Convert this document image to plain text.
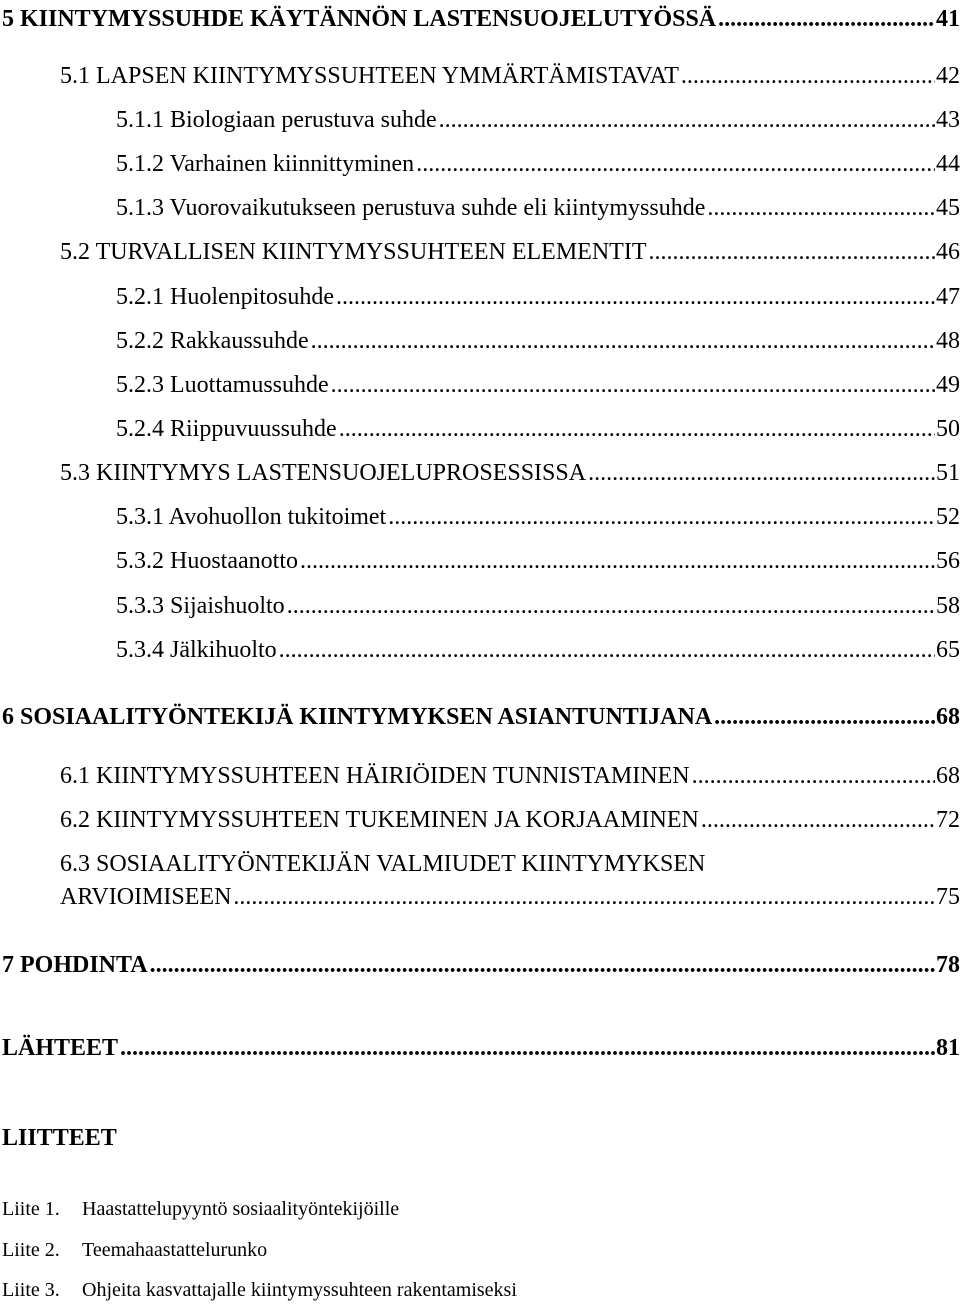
5 KIINTYMYSSUHDE KÄYTÄNNÖN LASTENSUOJELUTYÖSSÄ .....	41
5.1 LAPSEN KIINTYMYSSUHTEEN YMMÄRTÄMISTAVAT .....	42
5.1.1 Biologiaan perustuva suhde .....	43
5.1.2 Varhainen kiinnittyminen .....	44
5.1.3 Vuorovaikutukseen perustuva suhde eli kiintymyssuhde .....	45
5.2 TURVALLISEN KIINTYMYSSUHTEEN ELEMENTIT .....	46
5.2.1 Huolenpitosuhde .....	47
5.2.2 Rakkaussuhde .....	48
5.2.3 Luottamussuhde .....	49
5.2.4 Riippuvuussuhde .....	50
5.3 KIINTYMYS LASTENSUOJELUPROSESSISSA .....	51
5.3.1 Avohuollon tukitoimet .....	52
5.3.2 Huostaanotto .....	56
5.3.3 Sijaishuolto .....	58
5.3.4 Jälkihuolto .....	65
6 SOSIAALITYÖNTEKIJÄ KIINTYMYKSEN ASIANTUNTIJANA .....	68
6.1 KIINTYMYSSUHTEEN HÄIRIÖIDEN TUNNISTAMINEN .....	68
6.2 KIINTYMYSSUHTEEN TUKEMINEN JA KORJAAMINEN .....	72
6.3 SOSIAALITYÖNTEKIJÄN VALMIUDET KIINTYMYKSEN
ARVIOIMISEEN .....	75
7 POHDINTA .....	78
LÄHTEET .....	81
LIITTEET
Liite 1. Haastattelupyyntö sosiaalityöntekijöille
Liite 2. Teemahaastattelurunko
Liite 3. Ohjeita kasvattajalle kiintymyssuhteen rakentamiseksi
